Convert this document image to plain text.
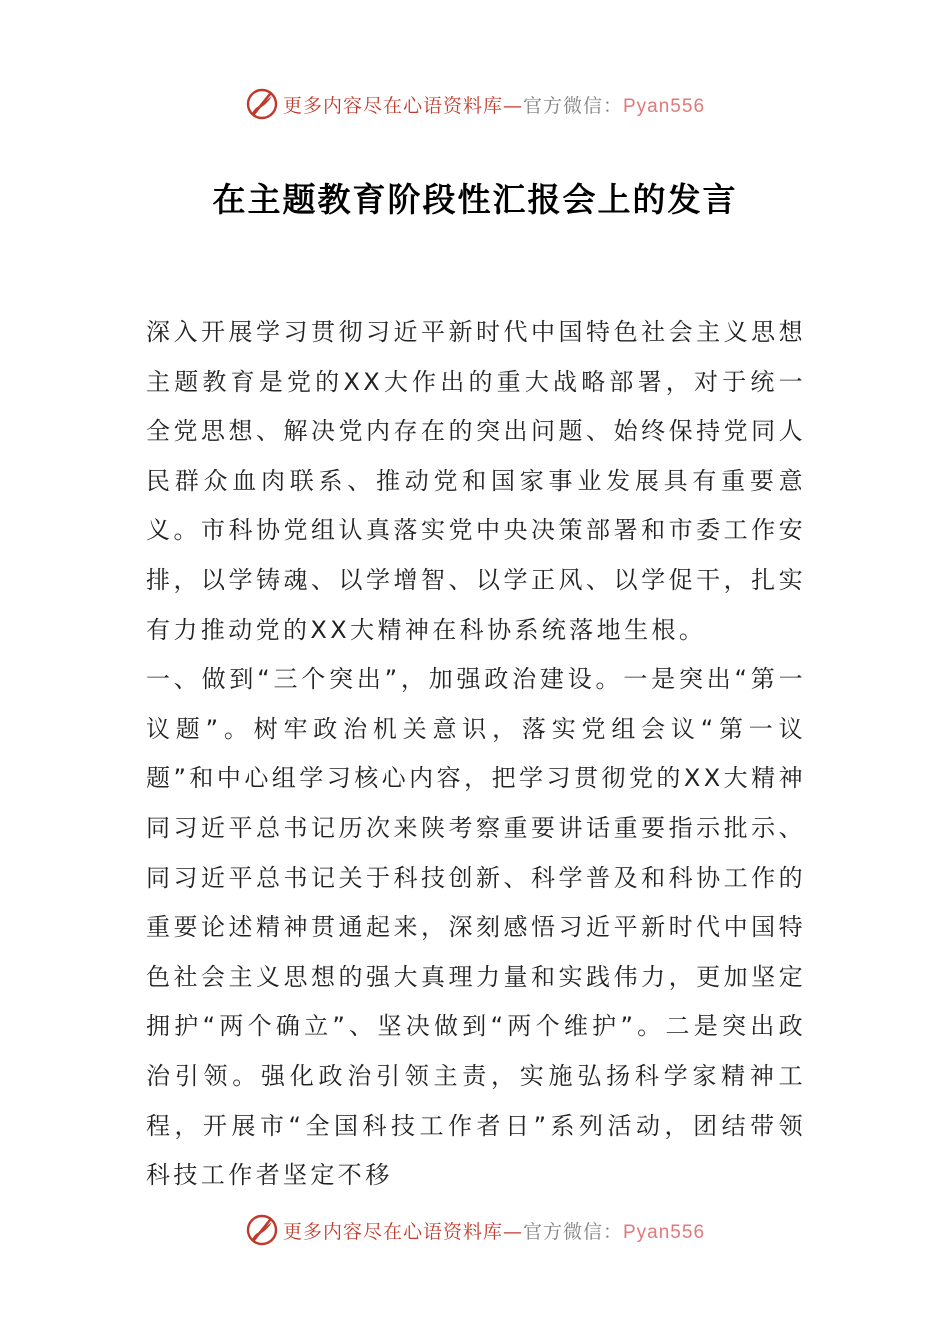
更多内容尽在心语资料库—官方微信：Pyan556
在主题教育阶段性汇报会上的发言

深入开展学习贯彻习近平新时代中国特色社会主义思想主题教育是党的XX大作出的重大战略部署，对于统一全党思想、解决党内存在的突出问题、始终保持党同人民群众血肉联系、推动党和国家事业发展具有重要意义。市科协党组认真落实党中央决策部署和市委工作安排，以学铸魂、以学增智、以学正风、以学促干，扎实有力推动党的XX大精神在科协系统落地生根。

一、做到“三个突出”，加强政治建设。一是突出“第一议题”。树牢政治机关意识，落实党组会议“第一议题”和中心组学习核心内容，把学习贯彻党的XX大精神同习近平总书记历次来陕考察重要讲话重要指示批示、同习近平总书记关于科技创新、科学普及和科协工作的重要论述精神贯通起来，深刻感悟习近平新时代中国特色社会主义思想的强大真理力量和实践伟力，更加坚定拥护“两个确立”、坚决做到“两个维护”。二是突出政治引领。强化政治引领主责，实施弘扬科学家精神工程，开展市“全国科技工作者日”系列活动，团结带领科技工作者坚定不移

更多内容尽在心语资料库—官方微信：Pyan556
